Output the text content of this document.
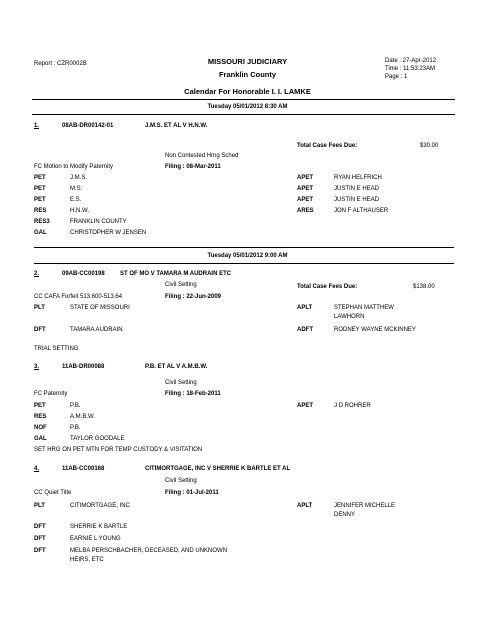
Report : CZR0002B	MISSOURI JUDICIARY
Franklin County
Date : 27-Apr-2012
Time : 11:53:23AM
Page : 1
Calendar For Honorable I. I. LAMKE
Tuesday 05/01/2012 8:30 AM
1.	08AB-DR00142-01	J.M.S. ET AL V H.N.W.
Total Case Fees Due:	$30.00
Non Contested Hrng Sched
FC Motion to Modify Paternity	Filing : 08-Mar-2011
PET	J.M.S.
PET	M.S.
PET	E.S.
RES	H.N.W.
RES3	FRANKLIN COUNTY
GAL	CHRISTOPHER W JENSEN
APET	RYAN HELFRICH
APET	JUSTIN E HEAD
APET	JUSTIN E HEAD
ARES	JON F ALTHAUSER
Tuesday 05/01/2012 9:00 AM
2.	09AB-CC00198	ST OF MO V TAMARA M AUDRAIN ETC
Civil Setting	Total Case Fees Due:	$138.00
CC CAFA Forfeit 513.600-513.64	Filing : 22-Jun-2009
PLT	STATE OF MISSOURI
DFT	TAMARA AUDRAIN
APLT	STEPHAN MATTHEW
LAWHORN
ADFT	RODNEY WAYNE MCKINNEY
TRIAL SETTING
3.	11AB-DR00088	P.B. ET AL V A.M.B.W.
Civil Setting
FC Paternity	Filing : 18-Feb-2011
PET	P.B.
RES	A.M.B.W.
NOF	P.B.
GAL	TAYLOR GOODALE
APET	J D ROHRER
SET HRG ON PET MTN FOR TEMP CUSTODY & VISITATION
4.	11AB-CC00168	CITIMORTGAGE, INC V SHERRIE K BARTLE ET AL
Civil Setting
CC Quiet Title	Filing : 01-Jul-2011
PLT	CITIMORTGAGE, INC
DFT	SHERRIE K BARTLE
DFT	EARNIE L YOUNG
DFT	MELBA PERSCHBACHER, DECEASED, AND UNKNOWN
HEIRS, ETC
APLT	JENNIFER MICHELLE
DENNY
